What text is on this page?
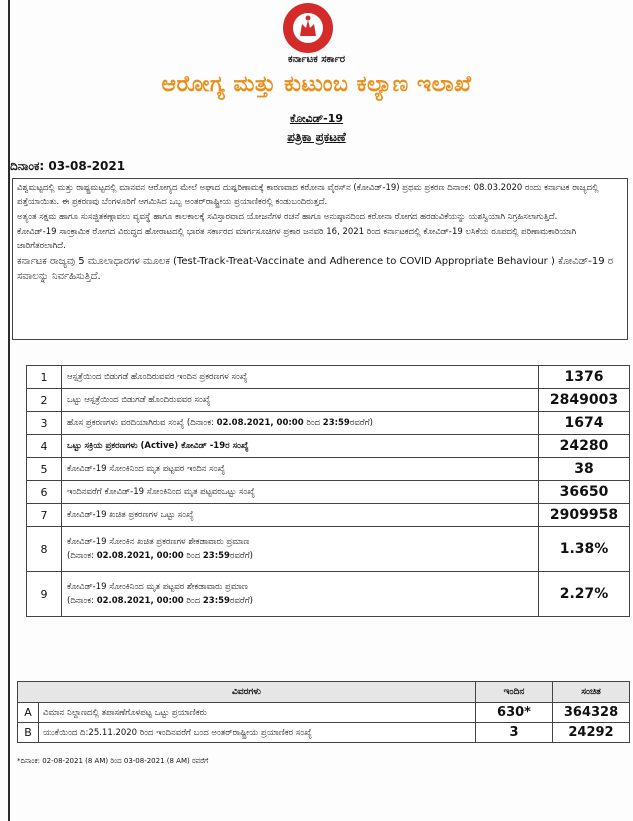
ಕರ್ನಾಟಕ ಸರ್ಕಾರ
ಆರೋಗ್ಯ ಮತ್ತು ಕುಟುಂಬ ಕಲ್ಯಾಣ ಇಲಾಖೆ
ಕೋವಿಡ್-19
ಪತ್ರಿಕಾ ಪ್ರಕಟಣೆ
ದಿನಾಂಕ: 03-08-2021

ವಿಶ್ವಮಟ್ಟದಲ್ಲಿ ಮತ್ತು ರಾಷ್ಟ್ರಮಟ್ಟದಲ್ಲಿ ಮಾನವನ ಆರೋಗ್ಯದ ಮೇಲೆ ಅಘಾದ ದುಷ್ಪರಿಣಾಮಕ್ಕೆ ಕಾರಣವಾದ ಕರೋನಾ ವೈರಸ್‌ನ (ಕೋವಿಡ್-19) ಪ್ರಥಮ ಪ್ರಕರಣ ದಿನಾಂಕ: 08.03.2020 ರಂದು ಕರ್ನಾಟಕ ರಾಜ್ಯದಲ್ಲಿ ಪತ್ತೆಯಾಯಿತು. ಈ ಪ್ರಕರಣವು ಬೆಂಗಳೂರಿಗೆ ಆಗಮಿಸಿದ ಒಬ್ಬ ಅಂತರ್‌ರಾಷ್ಟ್ರೀಯ ಪ್ರಯಾಣಿಕರಲ್ಲಿ ಕಂಡುಬಂದಿರುತ್ತದೆ.

ಅತ್ಯಂತ ಸಕ್ಷಮ ಹಾಗೂ ಸುಸಜ್ಜಿತಕಣ್ಗಾವಲು ವ್ಯವಸ್ಥೆ ಹಾಗೂ ಕಾಲಕಾಲಕ್ಕೆ ಸವಿಸ್ತಾರವಾದ ಯೋಜನೆಗಳ ರಚನೆ ಹಾಗೂ ಅನುಷ್ಠಾನದಿಂದ ಕರೋನಾ ರೋಗದ ಹರಡುವಿಕೆಯನ್ನು ಯಶಸ್ವಿಯಾಗಿ ನಿಗ್ರಹಿಸಲಾಗುತ್ತಿದೆ.

ಕೋವಿಡ್-19 ಸಾಂಕ್ರಾಮಿಕ ರೋಗದ ವಿರುದ್ಧದ ಹೋರಾಟದಲ್ಲಿ ಭಾರತ ಸರ್ಕಾರದ ಮಾರ್ಗಸೂಚಿಗಳ ಪ್ರಕಾರ ಜನವರಿ 16, 2021 ರಿಂದ ಕರ್ನಾಟಕದಲ್ಲಿ ಕೋವಿಡ್-19 ಲಸಿಕೆಯ ರೂಪದಲ್ಲಿ ಪರಿಣಾಮಕಾರಿಯಾಗಿ ಜಾರಿಗೆತರಲಾಗಿದೆ.

ಕರ್ನಾಟಕ ರಾಜ್ಯವು 5 ಮೂಲಾಧಾರಗಳ ಮೂಲಕ (Test-Track-Treat-Vaccinate and Adherence to COVID Appropriate Behaviour ) ಕೋವಿಡ್-19 ರ ಸವಾಲನ್ನು ನಿರ್ವಹಿಸುತ್ತಿದೆ.

1	ಆಸ್ಪತ್ರೆಯಿಂದ ಬಿಡುಗಡೆ ಹೊಂದಿರುವವರ ಇಂದಿನ ಪ್ರಕರಣಗಳ ಸಂಖ್ಯೆ	1376
2	ಒಟ್ಟು ಆಸ್ಪತ್ರೆಯಿಂದ ಬಿಡುಗಡೆ ಹೊಂದಿರುವವರ ಸಂಖ್ಯೆ	2849003
3	ಹೊಸ ಪ್ರಕರಣಗಳು ವರದಿಯಾಗಿರುವ ಸಂಖ್ಯೆ (ದಿನಾಂಕ: 02.08.2021, 00:00 ರಿಂದ 23:59ರವರೆಗೆ)	1674
4	ಒಟ್ಟು ಸಕ್ರಿಯ ಪ್ರಕರಣಗಳು (Active) ಕೋವಿಡ್ -19ರ ಸಂಖ್ಯೆ	24280
5	ಕೋವಿಡ್-19 ಸೋಂಕಿನಿಂದ ಮೃತ ಪಟ್ಟವರ ಇಂದಿನ ಸಂಖ್ಯೆ	38
6	ಇಂದಿನವರೆಗೆ ಕೋವಿಡ್-19 ಸೋಂಕಿನಿಂದ ಮೃತ ಪಟ್ಟವರಒಟ್ಟು ಸಂಖ್ಯೆ	36650
7	ಕೋವಿಡ್-19 ಖಚಿತ ಪ್ರಕರಣಗಳ ಒಟ್ಟು ಸಂಖ್ಯೆ	2909958
8	ಕೋವಿಡ್-19 ಸೋಂಕಿನ ಖಚಿತ ಪ್ರಕರಣಗಳ ಶೇಕಡಾವಾರು ಪ್ರಮಾಣ
(ದಿನಾಂಕ: 02.08.2021, 00:00 ರಿಂದ 23:59ರವರೆಗೆ)	1.38%
9	ಕೋವಿಡ್-19 ಸೋಂಕಿನಿಂದ ಮೃತ ಪಟ್ಟವರ ಶೇಕಡಾವಾರು ಪ್ರಮಾಣ
(ದಿನಾಂಕ: 02.08.2021, 00:00 ರಿಂದ 23:59ರವರೆಗೆ)	2.27%
ವಿವರಗಳು		ಇಂದಿನ	ಸಂಚಿತ
A	ವಿಮಾನ ನಿಲ್ದಾಣದಲ್ಲಿ ತಪಾಸಣೆಗೊಳಪಟ್ಟ ಒಟ್ಟು ಪ್ರಯಾಣಿಕರು	630*	364328
B	ಯುಕೆಯಿಂದ ದಿ:25.11.2020 ರಿಂದ ಇಂದಿನವರೆಗೆ ಬಂದ ಅಂತರ್‌ರಾಷ್ಟ್ರೀಯ ಪ್ರಯಾಣಿಕರ ಸಂಖ್ಯೆ	3	24292
*ದಿನಾಂಕ: 02-08-2021 (8 AM) ರಿಂದ 03-08-2021 (8 AM) ರವರೆಗೆ
